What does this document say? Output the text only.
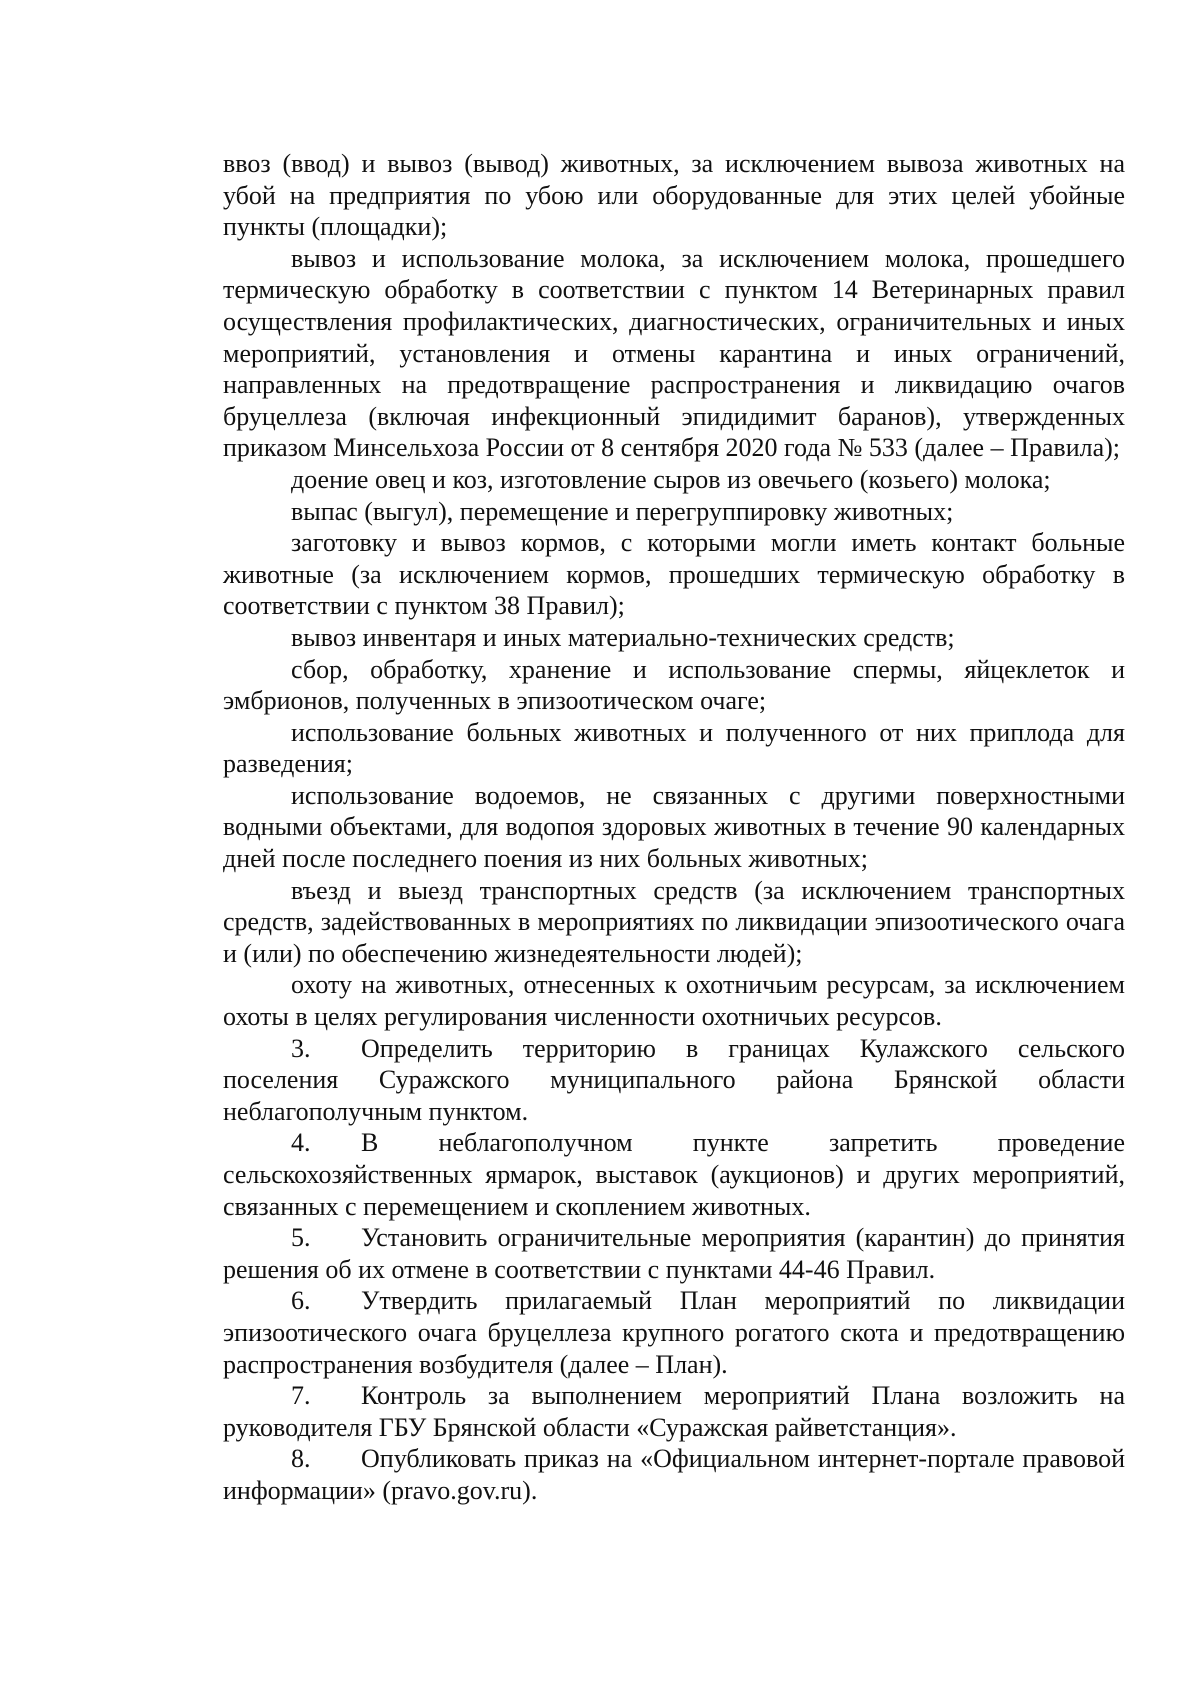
ввоз (ввод) и вывоз (вывод) животных, за исключением вывоза животных на убой на предприятия по убою или оборудованные для этих целей убойные пункты (площадки);

вывоз и использование молока, за исключением молока, прошедшего термическую обработку в соответствии с пунктом 14 Ветеринарных правил осуществления профилактических, диагностических, ограничительных и иных мероприятий, установления и отмены карантина и иных ограничений, направленных на предотвращение распространения и ликвидацию очагов бруцеллеза (включая инфекционный эпидидимит баранов), утвержденных приказом Минсельхоза России от 8 сентября 2020 года № 533 (далее – Правила);

доение овец и коз, изготовление сыров из овечьего (козьего) молока;

выпас (выгул), перемещение и перегруппировку животных;

заготовку и вывоз кормов, с которыми могли иметь контакт больные животные (за исключением кормов, прошедших термическую обработку в соответствии с пунктом 38 Правил);

вывоз инвентаря и иных материально-технических средств;

сбор, обработку, хранение и использование спермы, яйцеклеток и эмбрионов, полученных в эпизоотическом очаге;

использование больных животных и полученного от них приплода для разведения;

использование водоемов, не связанных с другими поверхностными водными объектами, для водопоя здоровых животных в течение 90 календарных дней после последнего поения из них больных животных;

въезд и выезд транспортных средств (за исключением транспортных средств, задействованных в мероприятиях по ликвидации эпизоотического очага и (или) по обеспечению жизнедеятельности людей);

охоту на животных, отнесенных к охотничьим ресурсам, за исключением охоты в целях регулирования численности охотничьих ресурсов.

3. Определить территорию в границах Кулажского сельского поселения Суражского муниципального района Брянской области неблагополучным пунктом.

4. В неблагополучном пункте запретить проведение сельскохозяйственных ярмарок, выставок (аукционов) и других мероприятий, связанных с перемещением и скоплением животных.

5. Установить ограничительные мероприятия (карантин) до принятия решения об их отмене в соответствии с пунктами 44-46 Правил.

6. Утвердить прилагаемый План мероприятий по ликвидации эпизоотического очага бруцеллеза крупного рогатого скота и предотвращению распространения возбудителя (далее – План).

7. Контроль за выполнением мероприятий Плана возложить на руководителя ГБУ Брянской области «Суражская райветстанция».

8. Опубликовать приказ на «Официальном интернет-портале правовой информации» (pravo.gov.ru).
